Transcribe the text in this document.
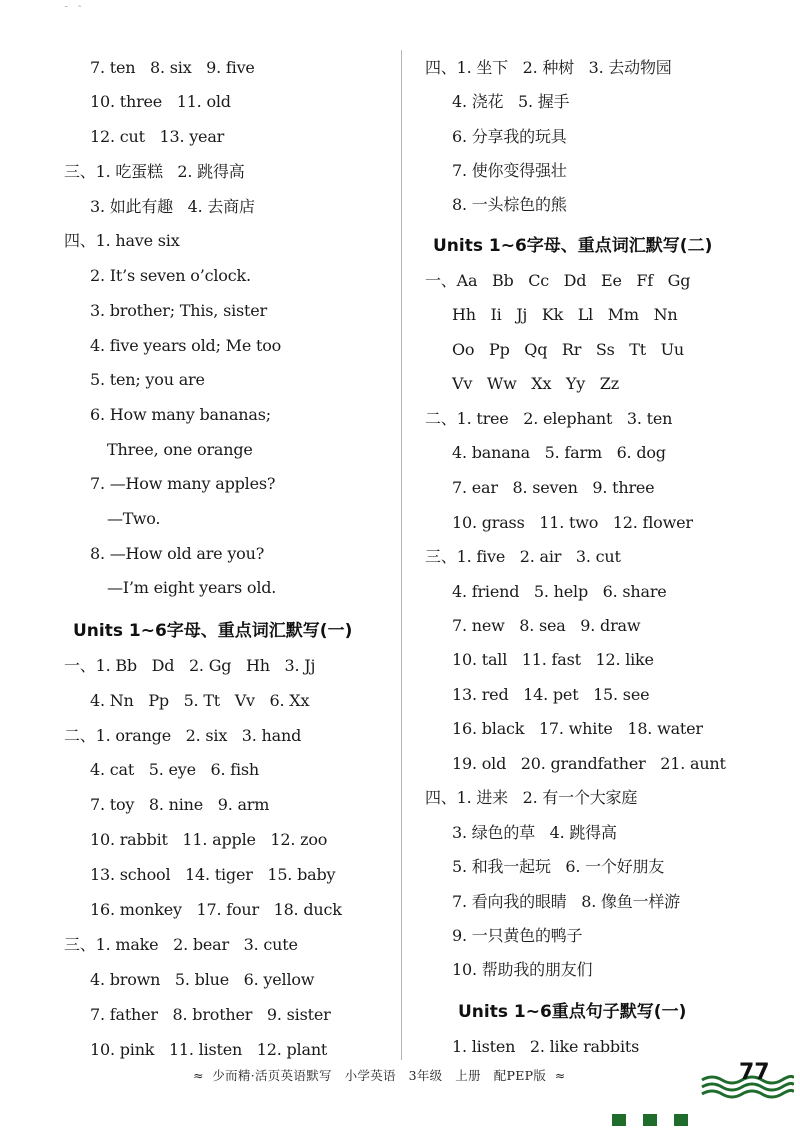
˜ ˆ
7. ten   8. six   9. five
10. three   11. old
12. cut   13. year
三、1. 吃蛋糕   2. 跳得高
3. 如此有趣   4. 去商店
四、1. have six
2. It’s seven o’clock.
3. brother; This, sister
4. five years old; Me too
5. ten; you are
6. How many bananas;
Three, one orange
7. —How many apples?
—Two.
8. —How old are you?
—I’m eight years old.
Units 1~6字母、重点词汇默写(一)
一、1. Bb   Dd   2. Gg   Hh   3. Jj
4. Nn   Pp   5. Tt   Vv   6. Xx
二、1. orange   2. six   3. hand
4. cat   5. eye   6. fish
7. toy   8. nine   9. arm
10. rabbit   11. apple   12. zoo
13. school   14. tiger   15. baby
16. monkey   17. four   18. duck
三、1. make   2. bear   3. cute
4. brown   5. blue   6. yellow
7. father   8. brother   9. sister
10. pink   11. listen   12. plant
四、1. 坐下   2. 种树   3. 去动物园
4. 浇花   5. 握手
6. 分享我的玩具
7. 使你变得强壮
8. 一头棕色的熊
Units 1~6字母、重点词汇默写(二)
一、Aa   Bb   Cc   Dd   Ee   Ff   Gg
Hh   Ii   Jj   Kk   Ll   Mm   Nn
Oo   Pp   Qq   Rr   Ss   Tt   Uu
Vv   Ww   Xx   Yy   Zz
二、1. tree   2. elephant   3. ten
4. banana   5. farm   6. dog
7. ear   8. seven   9. three
10. grass   11. two   12. flower
三、1. five   2. air   3. cut
4. friend   5. help   6. share
7. new   8. sea   9. draw
10. tall   11. fast   12. like
13. red   14. pet   15. see
16. black   17. white   18. water
19. old   20. grandfather   21. aunt
四、1. 进来   2. 有一个大家庭
3. 绿色的草   4. 跳得高
5. 和我一起玩   6. 一个好朋友
7. 看向我的眼睛   8. 像鱼一样游
9. 一只黄色的鸭子
10. 帮助我的朋友们
Units 1~6重点句子默写(一)
1. listen   2. like rabbits
≈  少而精·活页英语默写   小学英语   3年级   上册   配PEP版  ≈	77
